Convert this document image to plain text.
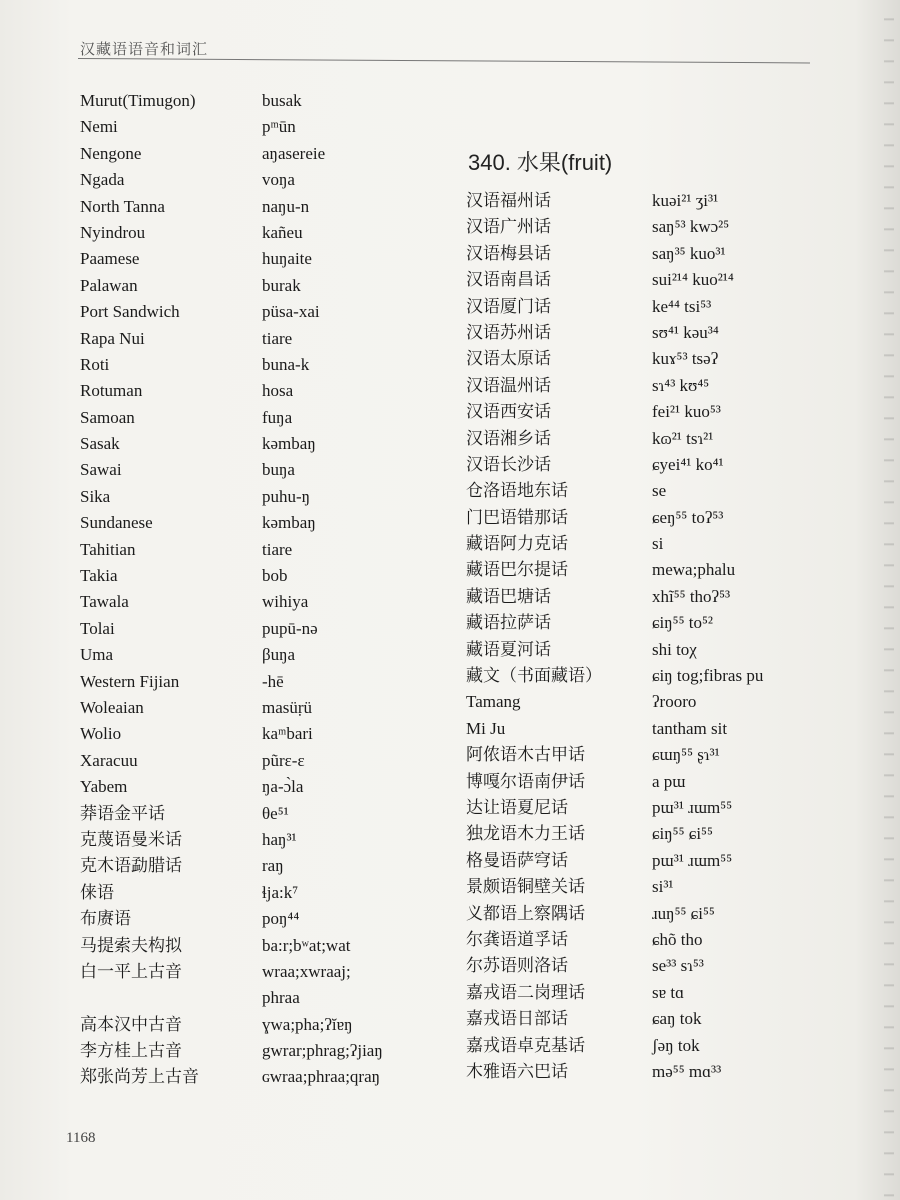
汉藏语语音和词汇
Murut(Timugon)	busak
Nemi	pᵐūn
Nengone	aŋasereie
Ngada	voŋa
North Tanna	naŋu-n
Nyindrou	kañeu
Paamese	huŋaite
Palawan	burak
Port Sandwich	püsa-xai
Rapa Nui	tiare
Roti	buna-k
Rotuman	hosa
Samoan	fuŋa
Sasak	kəmbaŋ
Sawai	buŋa
Sika	puhu-ŋ
Sundanese	kəmbaŋ
Tahitian	tiare
Takia	bob
Tawala	wihiya
Tolai	pupū-nə
Uma	βuŋa
Western Fijian	-hē
Woleaian	masüṛü
Wolio	kaᵐbari
Xaracuu	pũrɛ-ɛ
Yabem	ŋa-ɔ̀la
莽语金平话	θe⁵¹
克蔑语曼米话	haŋ³¹
克木语勐腊话	raŋ
俫语	ɬja:k⁷
布赓语	poŋ⁴⁴
马提索夫构拟	ba:r;bʷat;wat
白一平上古音	wraa;xwraaj;
phraa
高本汉中古音	ɣwa;pha;ʔĭɐŋ
李方桂上古音	gwrar;phrag;ʔjiaŋ
郑张尚芳上古音	ɢwraa;phraa;qraŋ
340. 水果(fruit)
汉语福州话	kuəi²¹ ʒi³¹
汉语广州话	saŋ⁵³ kwɔ²⁵
汉语梅县话	saŋ³⁵ kuo³¹
汉语南昌话	sui²¹⁴ kuo²¹⁴
汉语厦门话	ke⁴⁴ tsi⁵³
汉语苏州话	sʊ⁴¹ kəu³⁴
汉语太原话	kuɤ⁵³ tsəʔ
汉语温州话	sɿ⁴³ kʊ⁴⁵
汉语西安话	fei²¹ kuo⁵³
汉语湘乡话	kɷ²¹ tsɿ²¹
汉语长沙话	ɕyei⁴¹ ko⁴¹
仓洛语地东话	se
门巴语错那话	ɕeŋ⁵⁵ toʔ⁵³
藏语阿力克话	si
藏语巴尔提话	mewa;phalu
藏语巴塘话	xhĩ⁵⁵ thoʔ⁵³
藏语拉萨话	ɕiŋ⁵⁵ to⁵²
藏语夏河话	shi toχ
藏文（书面藏语）	ɕiŋ tog;fibras pu
Tamang	ʔrooro
Mi Ju	tantham sit
阿侬语木古甲话	ɕɯŋ⁵⁵ ʂɿ³¹
博嘎尔语南伊话	a pɯ
达让语夏尼话	pɯ³¹ ɹɯm⁵⁵
独龙语木力王话	ɕiŋ⁵⁵ ɕi⁵⁵
格曼语萨穹话	pɯ³¹ ɹɯm⁵⁵
景颇语铜壁关话	si³¹
义都语上察隅话	ɹuŋ⁵⁵ ɕi⁵⁵
尔龚语道孚话	ɕhõ tho
尔苏语则洛话	se³³ sɿ⁵³
嘉戎语二岗理话	sɐ tɑ
嘉戎语日部话	ɕaŋ tok
嘉戎语卓克基话	ʃəŋ tok
木雅语六巴话	mə⁵⁵ mɑ³³
1168
